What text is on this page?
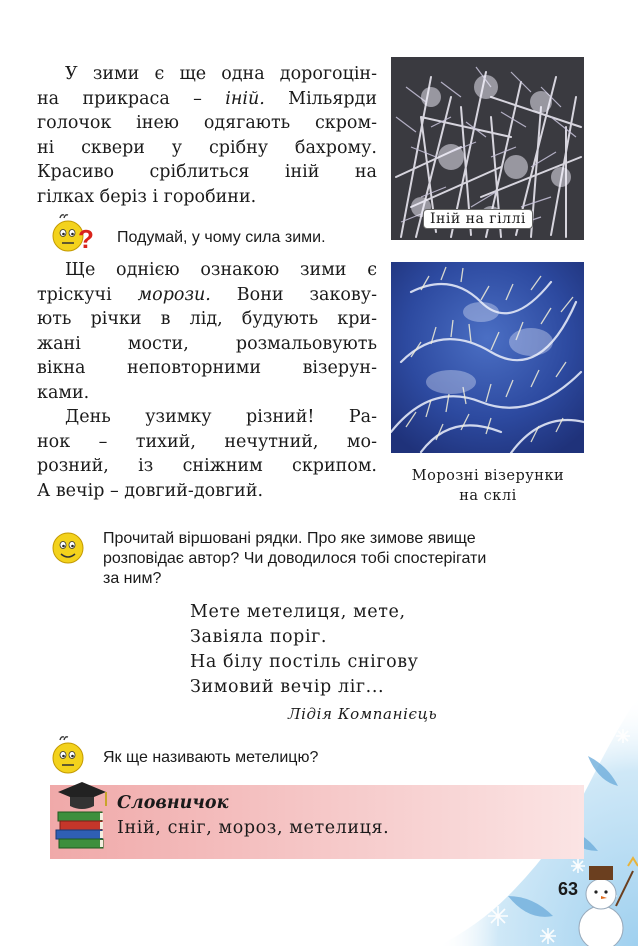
У зими є ще одна дорогоцін-
на прикраса – іній. Мільярди
голочок інею одягають скром-
ні сквери у срібну бахрому.
Красиво сріблиться іній на
гілках беріз і горобини.
? Подумай, у чому сила зими.
Іній на гіллі
Ще однією ознакою зими є
тріскучі морози. Вони закову-
ють річки в лід, будують кри-
жані мости, розмальовують
вікна неповторними візерун-
ками.
День узимку різний! Ра-
нок – тихий, нечутний, мо-
розний, із сніжним скрипом.
А вечір – довгий-довгий.
Морозні візерунки
на склі
Прочитай віршовані рядки. Про яке зимове явище
розповідає автор? Чи доводилося тобі спостерігати
за ним?
Мете метелиця, мете,
Завіяла поріг.
На білу постіль снігову
Зимовий вечір ліг...
Лідія Компанієць
Як ще називають метелицю?
Словничок
Іній, сніг, мороз, метелиця.
63
